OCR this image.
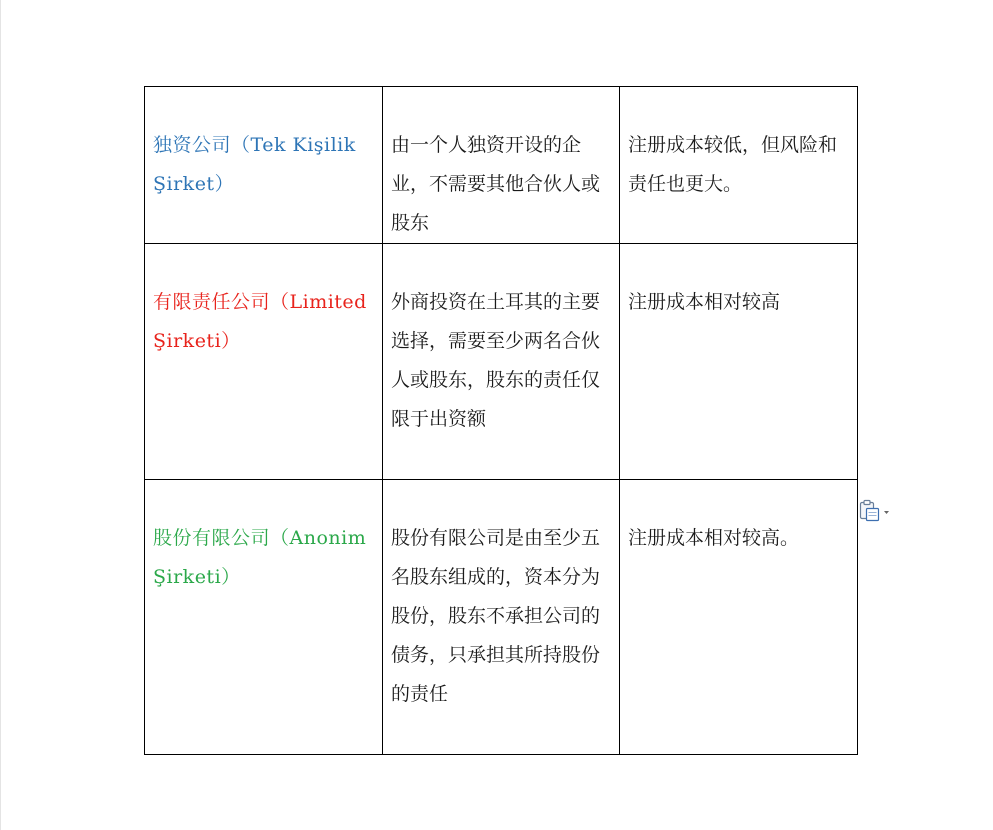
独资公司（Tek Kişilik Şirket）	由一个人独资开设的企业，不需要其他合伙人或股东	注册成本较低，但风险和责任也更大。
有限责任公司（Limited Şirketi）	外商投资在土耳其的主要选择，需要至少两名合伙人或股东，股东的责任仅限于出资额	注册成本相对较高
股份有限公司（Anonim Şirketi）	股份有限公司是由至少五名股东组成的，资本分为股份，股东不承担公司的债务，只承担其所持股份的责任	注册成本相对较高。
